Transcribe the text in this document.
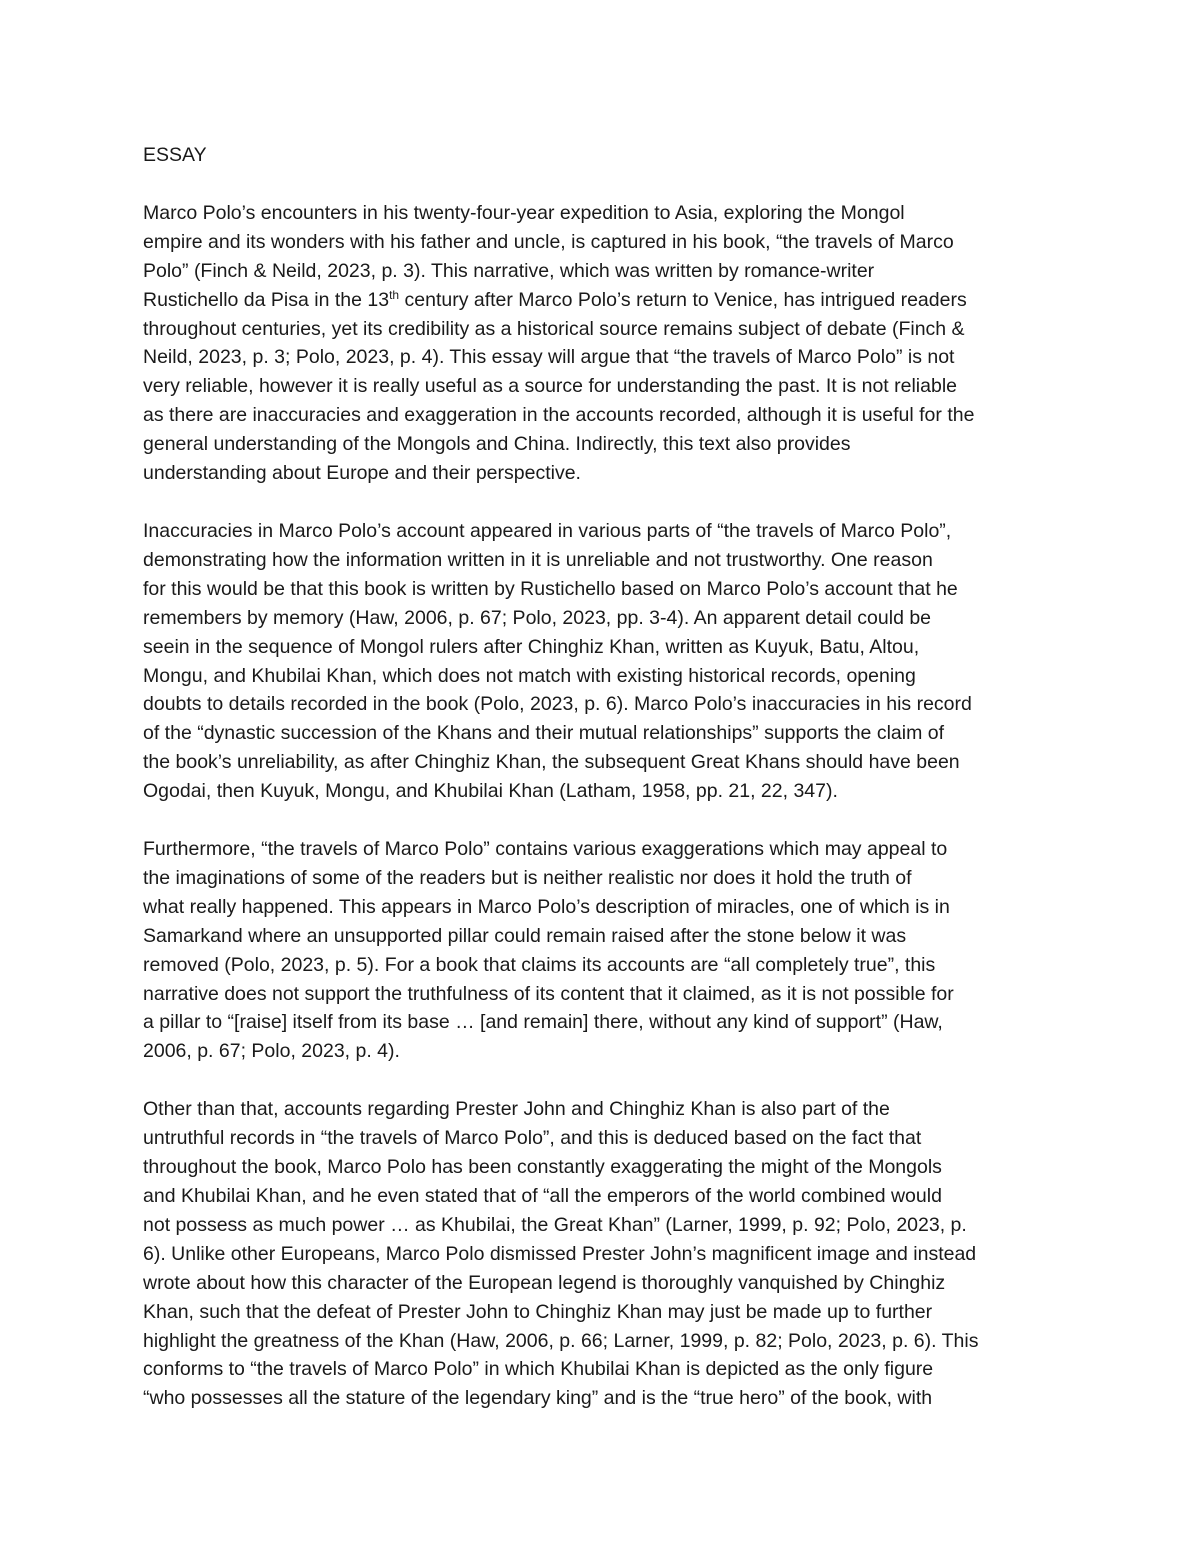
ESSAY

Marco Polo’s encounters in his twenty-four-year expedition to Asia, exploring the Mongol
empire and its wonders with his father and uncle, is captured in his book, “the travels of Marco
Polo” (Finch & Neild, 2023, p. 3). This narrative, which was written by romance-writer
Rustichello da Pisa in the 13th century after Marco Polo’s return to Venice, has intrigued readers
throughout centuries, yet its credibility as a historical source remains subject of debate (Finch &
Neild, 2023, p. 3; Polo, 2023, p. 4). This essay will argue that “the travels of Marco Polo” is not
very reliable, however it is really useful as a source for understanding the past. It is not reliable
as there are inaccuracies and exaggeration in the accounts recorded, although it is useful for the
general understanding of the Mongols and China. Indirectly, this text also provides
understanding about Europe and their perspective.
Inaccuracies in Marco Polo’s account appeared in various parts of “the travels of Marco Polo”,
demonstrating how the information written in it is unreliable and not trustworthy. One reason
for this would be that this book is written by Rustichello based on Marco Polo’s account that he
remembers by memory (Haw, 2006, p. 67; Polo, 2023, pp. 3-4). An apparent detail could be
seein in the sequence of Mongol rulers after Chinghiz Khan, written as Kuyuk, Batu, Altou,
Mongu, and Khubilai Khan, which does not match with existing historical records, opening
doubts to details recorded in the book (Polo, 2023, p. 6). Marco Polo’s inaccuracies in his record
of the “dynastic succession of the Khans and their mutual relationships” supports the claim of
the book’s unreliability, as after Chinghiz Khan, the subsequent Great Khans should have been
Ogodai, then Kuyuk, Mongu, and Khubilai Khan (Latham, 1958, pp. 21, 22, 347).
Furthermore, “the travels of Marco Polo” contains various exaggerations which may appeal to
the imaginations of some of the readers but is neither realistic nor does it hold the truth of
what really happened. This appears in Marco Polo’s description of miracles, one of which is in
Samarkand where an unsupported pillar could remain raised after the stone below it was
removed (Polo, 2023, p. 5). For a book that claims its accounts are “all completely true”, this
narrative does not support the truthfulness of its content that it claimed, as it is not possible for
a pillar to “[raise] itself from its base … [and remain] there, without any kind of support” (Haw,
2006, p. 67; Polo, 2023, p. 4).
Other than that, accounts regarding Prester John and Chinghiz Khan is also part of the
untruthful records in “the travels of Marco Polo”, and this is deduced based on the fact that
throughout the book, Marco Polo has been constantly exaggerating the might of the Mongols
and Khubilai Khan, and he even stated that of “all the emperors of the world combined would
not possess as much power … as Khubilai, the Great Khan” (Larner, 1999, p. 92; Polo, 2023, p.
6). Unlike other Europeans, Marco Polo dismissed Prester John’s magnificent image and instead
wrote about how this character of the European legend is thoroughly vanquished by Chinghiz
Khan, such that the defeat of Prester John to Chinghiz Khan may just be made up to further
highlight the greatness of the Khan (Haw, 2006, p. 66; Larner, 1999, p. 82; Polo, 2023, p. 6). This
conforms to “the travels of Marco Polo” in which Khubilai Khan is depicted as the only figure
“who possesses all the stature of the legendary king” and is the “true hero” of the book, with
